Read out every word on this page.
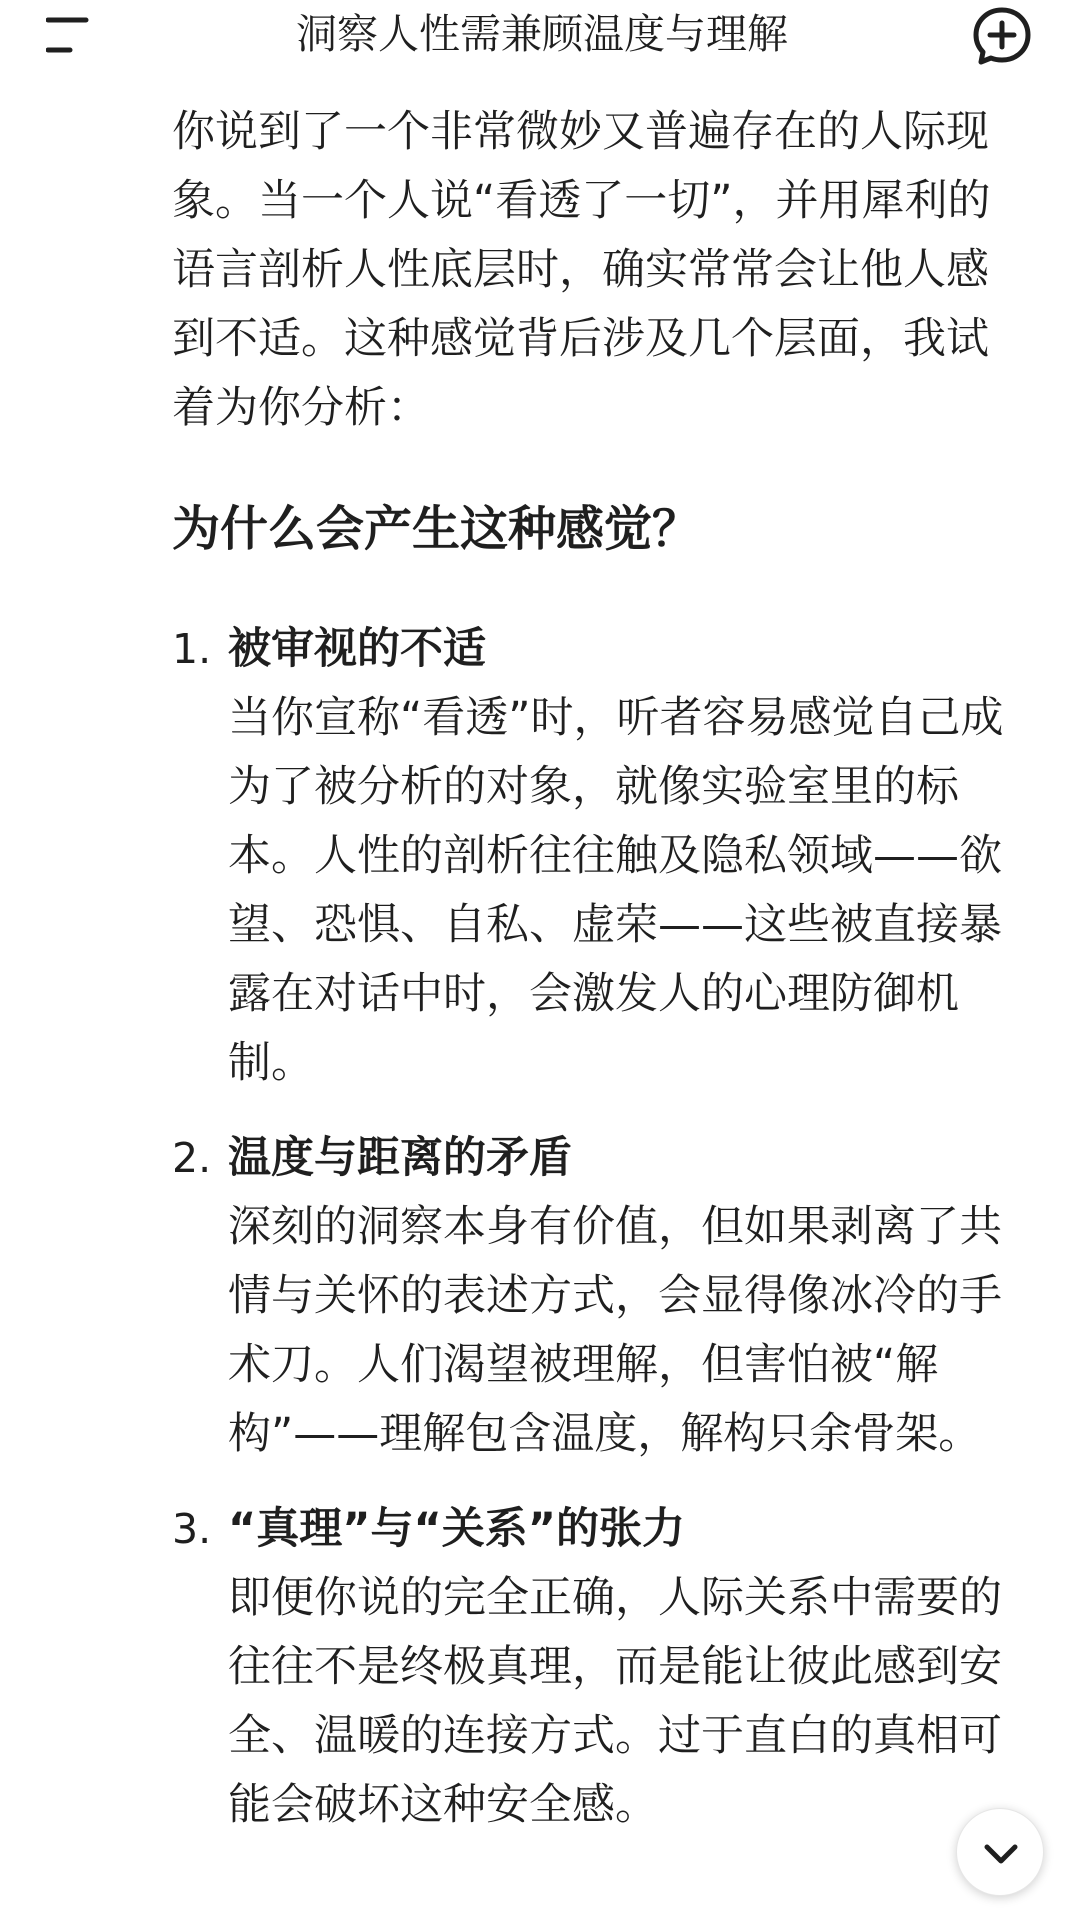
洞察人性需兼顾温度与理解

你说到了一个非常微妙又普遍存在的人际现象。当一个人说“看透了一切”，并用犀利的语言剖析人性底层时，确实常常会让他人感到不适。这种感觉背后涉及几个层面，我试着为你分析：

为什么会产生这种感觉？
1. 被审视的不适
当你宣称“看透”时，听者容易感觉自己成为了被分析的对象，就像实验室里的标本。人性的剖析往往触及隐私领域——欲望、恐惧、自私、虚荣——这些被直接暴露在对话中时，会激发人的心理防御机制。
2. 温度与距离的矛盾
深刻的洞察本身有价值，但如果剥离了共情与关怀的表述方式，会显得像冰冷的手术刀。人们渴望被理解，但害怕被“解构”——理解包含温度，解构只余骨架。
3. “真理”与“关系”的张力
即便你说的完全正确，人际关系中需要的往往不是终极真理，而是能让彼此感到安全、温暖的连接方式。过于直白的真相可能会破坏这种安全感。
